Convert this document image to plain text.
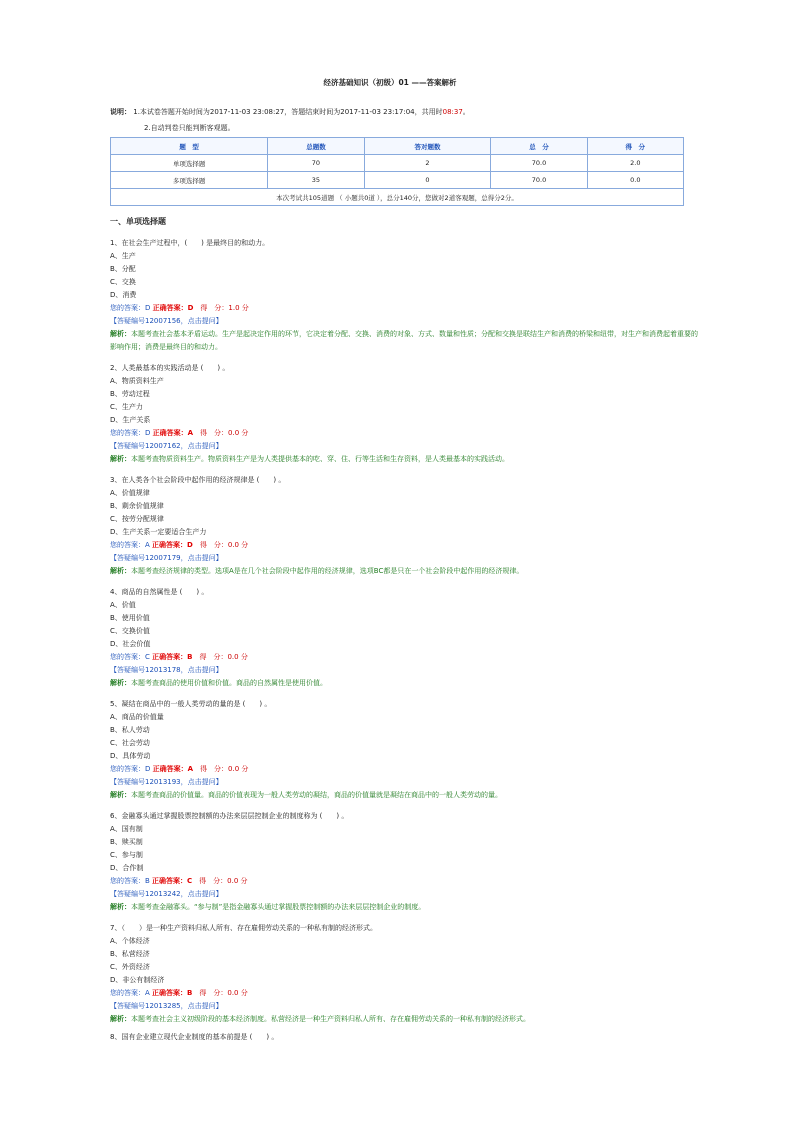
经济基础知识（初级）01 ——答案解析
说明： 1.本试卷答题开始时间为2017-11-03 23:08:27，答题结束时间为2017-11-03 23:17:04，共用时08:37。
2.自动判卷只能判断客观题。
题　型	总题数	答对题数	总　分	得　分
单项选择题	70	2	70.0	2.0
多项选择题	35	0	70.0	0.0
本次考试共105道题 （ 小题共0道 ），总分140分，您做对2道客观题，总得分2分。				
一、单项选择题
1、在社会生产过程中，(　　) 是最终目的和动力。
A、生产
B、分配
C、交换
D、消费
您的答案：D 正确答案：D　得　分：1.0 分
【答疑编号12007156，点击提问】
解析：本题考查社会基本矛盾运动。生产是起决定作用的环节，它决定着分配、交换、消费的对象、方式、数量和性质；分配和交换是联结生产和消费的桥梁和纽带，对生产和消费起着重要的影响作用；消费是最终目的和动力。
2、人类最基本的实践活动是 (　　) 。
A、物质资料生产
B、劳动过程
C、生产力
D、生产关系
您的答案：D 正确答案：A　得　分：0.0 分
【答疑编号12007162，点击提问】
解析：本题考查物质资料生产。物质资料生产是为人类提供基本的吃、穿、住、行等生活和生存资料，是人类最基本的实践活动。
3、在人类各个社会阶段中起作用的经济规律是 (　　) 。
A、价值规律
B、剩余价值规律
C、按劳分配规律
D、生产关系一定要适合生产力
您的答案：A 正确答案：D　得　分：0.0 分
【答疑编号12007179，点击提问】
解析：本题考查经济规律的类型。选项A是在几个社会阶段中起作用的经济规律，选项BC都是只在一个社会阶段中起作用的经济规律。
4、商品的自然属性是 (　　) 。
A、价值
B、使用价值
C、交换价值
D、社会价值
您的答案：C 正确答案：B　得　分：0.0 分
【答疑编号12013178，点击提问】
解析：本题考查商品的使用价值和价值。商品的自然属性是使用价值。
5、凝结在商品中的一般人类劳动的量的是 (　　) 。
A、商品的价值量
B、私人劳动
C、社会劳动
D、具体劳动
您的答案：D 正确答案：A　得　分：0.0 分
【答疑编号12013193，点击提问】
解析：本题考查商品的价值量。商品的价值表现为一般人类劳动的凝结，商品的价值量就是凝结在商品中的一般人类劳动的量。
6、金融寡头通过掌握股票控制额的办法来层层控制企业的制度称为 (　　) 。
A、国有制
B、赎买制
C、参与制
D、合作制
您的答案：B 正确答案：C　得　分：0.0 分
【答疑编号12013242，点击提问】
解析：本题考查金融寡头。“参与制”是指金融寡头通过掌握股票控制额的办法来层层控制企业的制度。
7、（　　）是一种生产资料归私人所有、存在雇佣劳动关系的一种私有制的经济形式。
A、个体经济
B、私营经济
C、外资经济
D、非公有制经济
您的答案：A 正确答案：B　得　分：0.0 分
【答疑编号12013285，点击提问】
解析：本题考查社会主义初级阶段的基本经济制度。私营经济是一种生产资料归私人所有、存在雇佣劳动关系的一种私有制的经济形式。
8、国有企业建立现代企业制度的基本前提是 (　　) 。
